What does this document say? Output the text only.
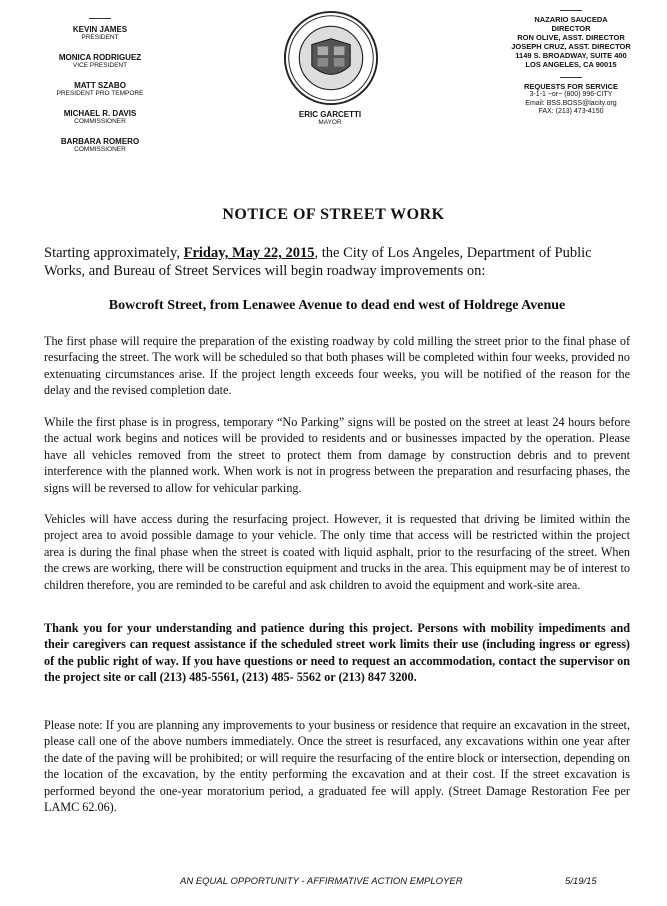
KEVIN JAMES
PRESIDENT
MONICA RODRIGUEZ
VICE PRESIDENT
MATT SZABO
PRESIDENT PRO TEMPORE
MICHAEL R. DAVIS
COMMISSIONER
BARBARA ROMERO
COMMISSIONER
ERIC GARCETTI
MAYOR
NAZARIO SAUCEDA
DIRECTOR
RON OLIVE, ASST. DIRECTOR
JOSEPH CRUZ, ASST. DIRECTOR
1149 S. BROADWAY, SUITE 400
LOS ANGELES, CA 90015
REQUESTS FOR SERVICE
3-1-1 ~or~ (800) 996-CITY
Email: BSS.BOSS@lacity.org
FAX: (213) 473-4150
NOTICE OF STREET WORK
Starting approximately, Friday, May 22, 2015, the City of Los Angeles, Department of Public Works, and Bureau of Street Services will begin roadway improvements on:
Bowcroft Street, from Lenawee Avenue to dead end west of Holdrege Avenue
The first phase will require the preparation of the existing roadway by cold milling the street prior to the final phase of resurfacing the street. The work will be scheduled so that both phases will be completed within four weeks, provided no extenuating circumstances arise. If the project length exceeds four weeks, you will be notified of the reason for the delay and the revised completion date.
While the first phase is in progress, temporary “No Parking” signs will be posted on the street at least 24 hours before the actual work begins and notices will be provided to residents and or businesses impacted by the operation. Please have all vehicles removed from the street to protect them from damage by construction debris and to prevent interference with the planned work. When work is not in progress between the preparation and resurfacing phases, the signs will be reversed to allow for vehicular parking.
Vehicles will have access during the resurfacing project. However, it is requested that driving be limited within the project area to avoid possible damage to your vehicle. The only time that access will be restricted within the project area is during the final phase when the street is coated with liquid asphalt, prior to the resurfacing of the street. When the crews are working, there will be construction equipment and trucks in the area. This equipment may be of interest to children therefore, you are reminded to be careful and ask children to avoid the equipment and work-site area.
Thank you for your understanding and patience during this project. Persons with mobility impediments and their caregivers can request assistance if the scheduled street work limits their use (including ingress or egress) of the public right of way. If you have questions or need to request an accommodation, contact the supervisor on the project site or call (213) 485-5561, (213) 485- 5562 or (213) 847 3200.
Please note: If you are planning any improvements to your business or residence that require an excavation in the street, please call one of the above numbers immediately. Once the street is resurfaced, any excavations within one year after the date of the paving will be prohibited; or will require the resurfacing of the entire block or intersection, depending on the location of the excavation, by the entity performing the excavation and at their cost. If the street excavation is performed beyond the one-year moratorium period, a graduated fee will apply. (Street Damage Restoration Fee per LAMC 62.06).
AN EQUAL OPPORTUNITY - AFFIRMATIVE ACTION EMPLOYER	5/19/15
